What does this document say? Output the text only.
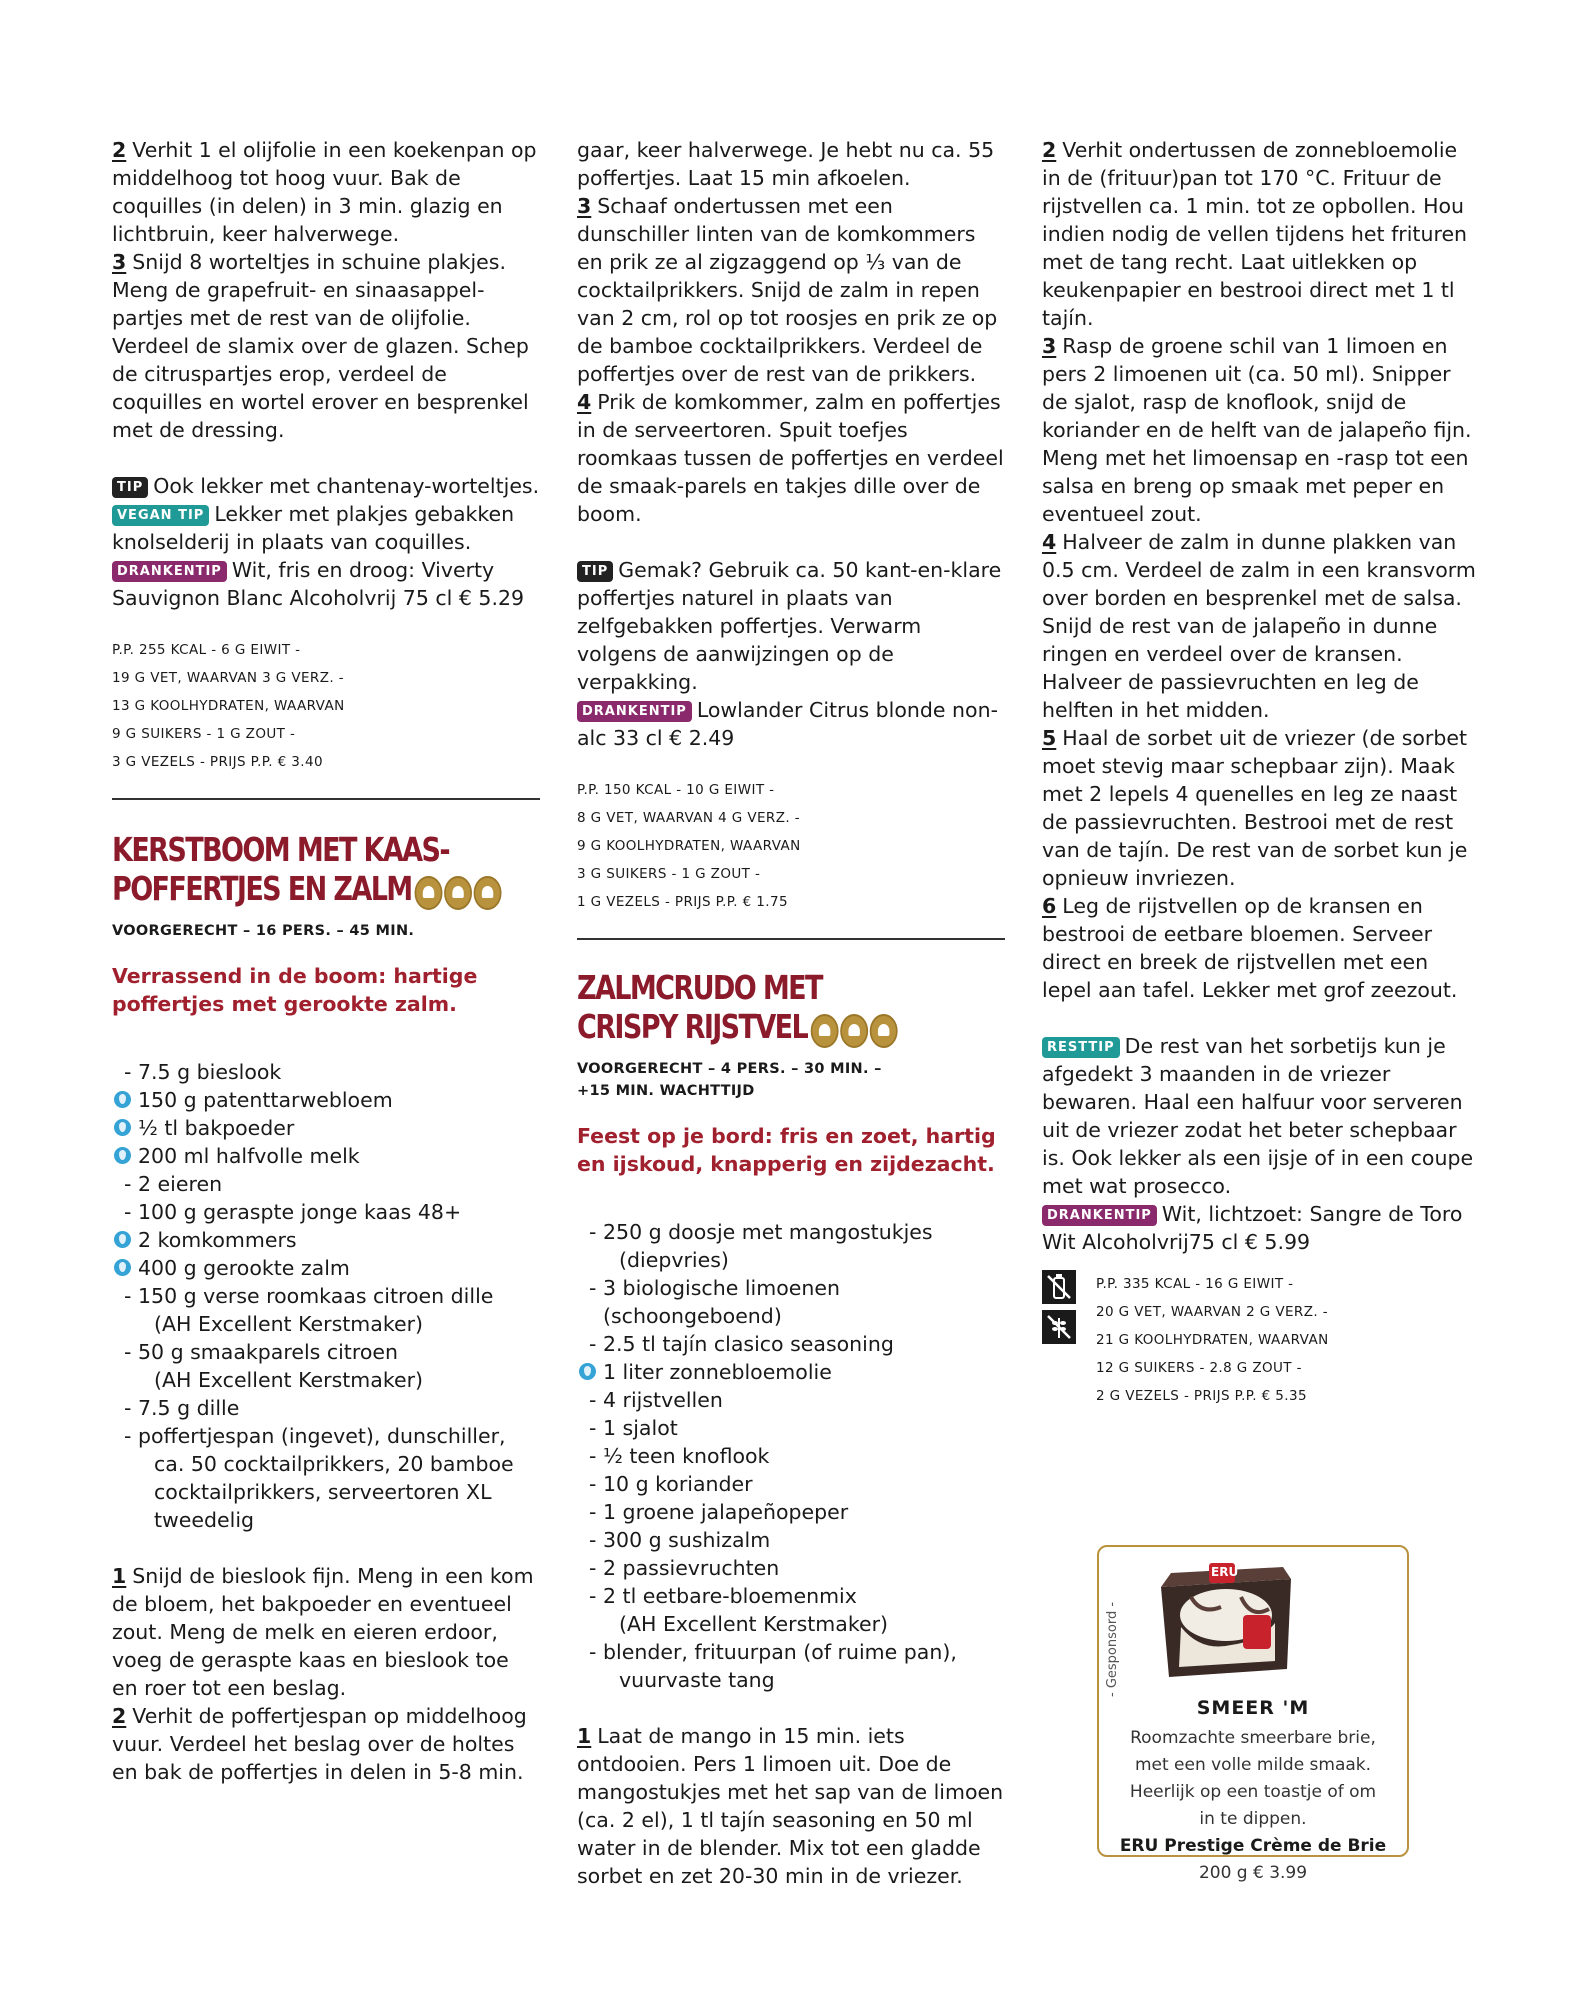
2 Verhit 1 el olijfolie in een koekenpan op middelhoog tot hoog vuur. Bak de coquilles (in delen) in 3 min. glazig en lichtbruin, keer halverwege.

3 Snijd 8 worteltjes in schuine plakjes. Meng de grapefruit- en sinaasappel-partjes met de rest van de olijfolie. Verdeel de slamix over de glazen. Schep de citruspartjes erop, verdeel de coquilles en wortel erover en besprenkel met de dressing.

TIP Ook lekker met chantenay-worteltjes.

VEGAN TIP Lekker met plakjes gebakken knolselderij in plaats van coquilles.

DRANKENTIP Wit, fris en droog: Viverty Sauvignon Blanc Alcoholvrij 75 cl € 5.29

P.P. 255 KCAL - 6 G EIWIT -

19 G VET, WAARVAN 3 G VERZ. -

13 G KOOLHYDRATEN, WAARVAN

9 G SUIKERS - 1 G ZOUT -

3 G VEZELS - PRIJS P.P. € 3.40

KERSTBOOM MET KAAS-

POFFERTJES EN ZALM

VOORGERECHT – 16 PERS. – 45 MIN.

Verrassend in de boom: hartige poffertjes met gerookte zalm.

- 7.5 g bieslook
150 g patenttarwebloem
½ tl bakpoeder
200 ml halfvolle melk
- 2 eieren
- 100 g geraspte jonge kaas 48+
2 komkommers
400 g gerookte zalm
- 150 g verse roomkaas citroen dille
(AH Excellent Kerstmaker)
- 50 g smaakparels citroen
(AH Excellent Kerstmaker)
- 7.5 g dille
- poffertjespan (ingevet), dunschiller,
ca. 50 cocktailprikkers, 20 bamboe
cocktailprikkers, serveertoren XL
tweedelig

1 Snijd de bieslook fijn. Meng in een kom de bloem, het bakpoeder en eventueel zout. Meng de melk en eieren erdoor, voeg de geraspte kaas en bieslook toe en roer tot een beslag.

2 Verhit de poffertjespan op middelhoog vuur. Verdeel het beslag over de holtes en bak de poffertjes in delen in 5-8 min.

gaar, keer halverwege. Je hebt nu ca. 55 poffertjes. Laat 15 min afkoelen.

3 Schaaf ondertussen met een dunschiller linten van de komkommers en prik ze al zigzaggend op ⅓ van de cocktailprikkers. Snijd de zalm in repen van 2 cm, rol op tot roosjes en prik ze op de bamboe cocktailprikkers. Verdeel de poffertjes over de rest van de prikkers.

4 Prik de komkommer, zalm en poffertjes in de serveertoren. Spuit toefjes roomkaas tussen de poffertjes en verdeel de smaak-parels en takjes dille over de boom.

TIP Gemak? Gebruik ca. 50 kant-en-klare poffertjes naturel in plaats van zelfgebakken poffertjes. Verwarm volgens de aanwijzingen op de verpakking.

DRANKENTIP Lowlander Citrus blonde non-alc 33 cl € 2.49

P.P. 150 KCAL - 10 G EIWIT -

8 G VET, WAARVAN 4 G VERZ. -

9 G KOOLHYDRATEN, WAARVAN

3 G SUIKERS - 1 G ZOUT -

1 G VEZELS - PRIJS P.P. € 1.75

ZALMCRUDO MET

CRISPY RIJSTVEL

VOORGERECHT – 4 PERS. – 30 MIN. –

+15 MIN. WACHTTIJD

Feest op je bord: fris en zoet, hartig en ijskoud, knapperig en zijdezacht.

- 250 g doosje met mangostukjes
(diepvries)
- 3 biologische limoenen (schoongeboend)
- 2.5 tl tajín clasico seasoning
1 liter zonnebloemolie
- 4 rijstvellen
- 1 sjalot
- ½ teen knoflook
- 10 g koriander
- 1 groene jalapeñopeper
- 300 g sushizalm
- 2 passievruchten
- 2 tl eetbare-bloemenmix
(AH Excellent Kerstmaker)
- blender, frituurpan (of ruime pan),
vuurvaste tang

1 Laat de mango in 15 min. iets ontdooien. Pers 1 limoen uit. Doe de mangostukjes met het sap van de limoen (ca. 2 el), 1 tl tajín seasoning en 50 ml water in de blender. Mix tot een gladde sorbet en zet 20-30 min in de vriezer.

2 Verhit ondertussen de zonnebloemolie in de (frituur)pan tot 170 °C. Frituur de rijstvellen ca. 1 min. tot ze opbollen. Hou indien nodig de vellen tijdens het frituren met de tang recht. Laat uitlekken op keukenpapier en bestrooi direct met 1 tl tajín.

3 Rasp de groene schil van 1 limoen en pers 2 limoenen uit (ca. 50 ml). Snipper de sjalot, rasp de knoflook, snijd de koriander en de helft van de jalapeño fijn. Meng met het limoensap en -rasp tot een salsa en breng op smaak met peper en eventueel zout.

4 Halveer de zalm in dunne plakken van 0.5 cm. Verdeel de zalm in een kransvorm over borden en besprenkel met de salsa. Snijd de rest van de jalapeño in dunne ringen en verdeel over de kransen. Halveer de passievruchten en leg de helften in het midden.

5 Haal de sorbet uit de vriezer (de sorbet moet stevig maar schepbaar zijn). Maak met 2 lepels 4 quenelles en leg ze naast de passievruchten. Bestrooi met de rest van de tajín. De rest van de sorbet kun je opnieuw invriezen.

6 Leg de rijstvellen op de kransen en bestrooi de eetbare bloemen. Serveer direct en breek de rijstvellen met een lepel aan tafel. Lekker met grof zeezout.

RESTTIP De rest van het sorbetijs kun je afgedekt 3 maanden in de vriezer bewaren. Haal een halfuur voor serveren uit de vriezer zodat het beter schepbaar is. Ook lekker als een ijsje of in een coupe met wat prosecco.

DRANKENTIP Wit, lichtzoet: Sangre de Toro Wit Alcoholvrij75 cl € 5.99

P.P. 335 KCAL - 16 G EIWIT -

20 G VET, WAARVAN 2 G VERZ. -

21 G KOOLHYDRATEN, WAARVAN

12 G SUIKERS - 2.8 G ZOUT -

2 G VEZELS - PRIJS P.P. € 5.35

- Gesponsord -
ERU
SMEER 'M
Roomzachte smeerbare brie,
met een volle milde smaak.
Heerlijk op een toastje of om
in te dippen.
ERU Prestige Crème de Brie
200 g € 3.99
